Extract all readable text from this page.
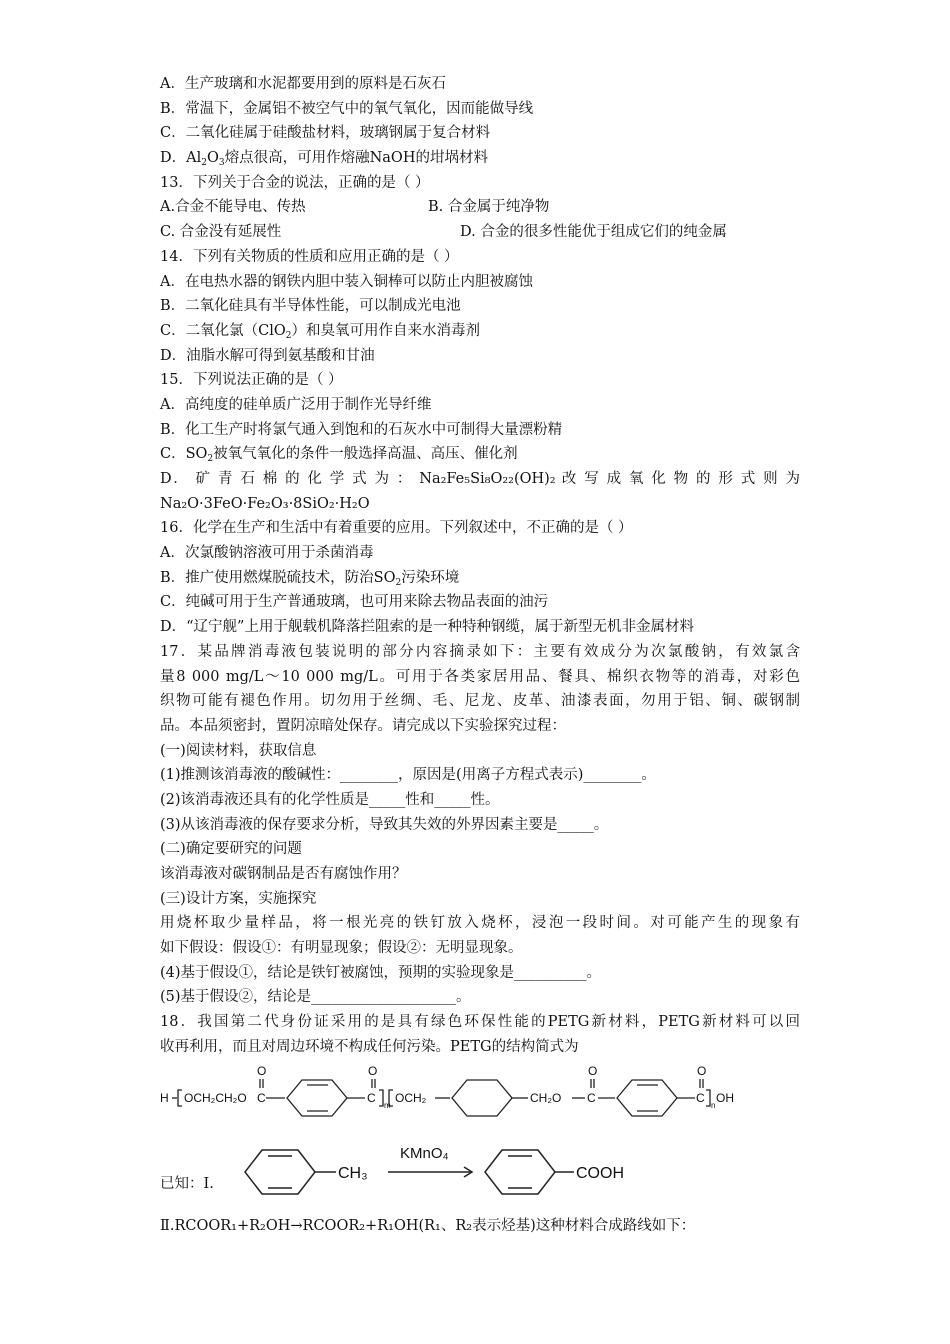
A．生产玻璃和水泥都要用到的原料是石灰石
B．常温下，金属铝不被空气中的氧气氧化，因而能做导线
C．二氧化硅属于硅酸盐材料，玻璃钢属于复合材料
D．$Al_2O_3$熔点很高，可用作熔融NaOH的坩埚材料
13．下列关于合金的说法，正确的是（ ）
A.合金不能导电、传热	B. 合金属于纯净物
C. 合金没有延展性	D. 合金的很多性能优于组成它们的纯金属
14．下列有关物质的性质和应用正确的是（ ）
A．在电热水器的钢铁内胆中装入铜棒可以防止内胆被腐蚀
B．二氧化硅具有半导体性能，可以制成光电池
C．二氧化氯（ClO$_2$）和臭氧可用作自来水消毒剂
D．油脂水解可得到氨基酸和甘油
15．下列说法正确的是（ ）
A．高纯度的硅单质广泛用于制作光导纤维
B．化工生产时将氯气通入到饱和的石灰水中可制得大量漂粉精
C．$SO_2$被氧气氧化的条件一般选择高温、高压、催化剂
D． 矿 青 石 棉 的 化 学 式 为 ： Na₂Fe₅Si₈O₂₂(OH)₂ 改 写 成 氧 化 物 的 形 式 则 为
Na₂O·3FeO·Fe₂O₃·8SiO₂·H₂O
16．化学在生产和生活中有着重要的应用。下列叙述中，不正确的是（ ）
A．次氯酸钠溶液可用于杀菌消毒
B．推广使用燃煤脱硫技术，防治$SO_2$污染环境
C．纯碱可用于生产普通玻璃，也可用来除去物品表面的油污
D．“辽宁舰”上用于舰载机降落拦阻索的是一种特种钢缆，属于新型无机非金属材料
17．某品牌消毒液包装说明的部分内容摘录如下：主要有效成分为次氯酸钠，有效氯含
量8 000 mg/L～10 000 mg/L。可用于各类家居用品、餐具、棉织衣物等的消毒，对彩色
织物可能有褪色作用。切勿用于丝绸、毛、尼龙、皮革、油漆表面，勿用于铝、铜、碳钢制
品。本品须密封，置阴凉暗处保存。请完成以下实验探究过程：
(一)阅读材料，获取信息
(1)推测该消毒液的酸碱性：________，原因是(用离子方程式表示)________。
(2)该消毒液还具有的化学性质是_____性和_____性。
(3)从该消毒液的保存要求分析，导致其失效的外界因素主要是_____。
(二)确定要研究的问题
该消毒液对碳钢制品是否有腐蚀作用？
(三)设计方案，实施探究
用烧杯取少量样品，将一根光亮的铁钉放入烧杯，浸泡一段时间。对可能产生的现象有
如下假设：假设①：有明显现象；假设②：无明显现象。
(4)基于假设①，结论是铁钉被腐蚀，预期的实验现象是__________。
(5)基于假设②，结论是____________________。
18．我国第二代身份证采用的是具有绿色环保性能的PETG新材料，PETG新材料可以回
收再利用，而且对周边环境不构成任何污染。PETG的结构简式为
H OCH₂CH₂O
O
C
O
C
m
OCH₂	CH₂O
O
C
O
C
n
OH
已知：Ⅰ.
CH₃
KMnO₄
COOH
Ⅱ.RCOOR₁+R₂OH→RCOOR₂+R₁OH(R₁、R₂表示烃基)这种材料合成路线如下：
